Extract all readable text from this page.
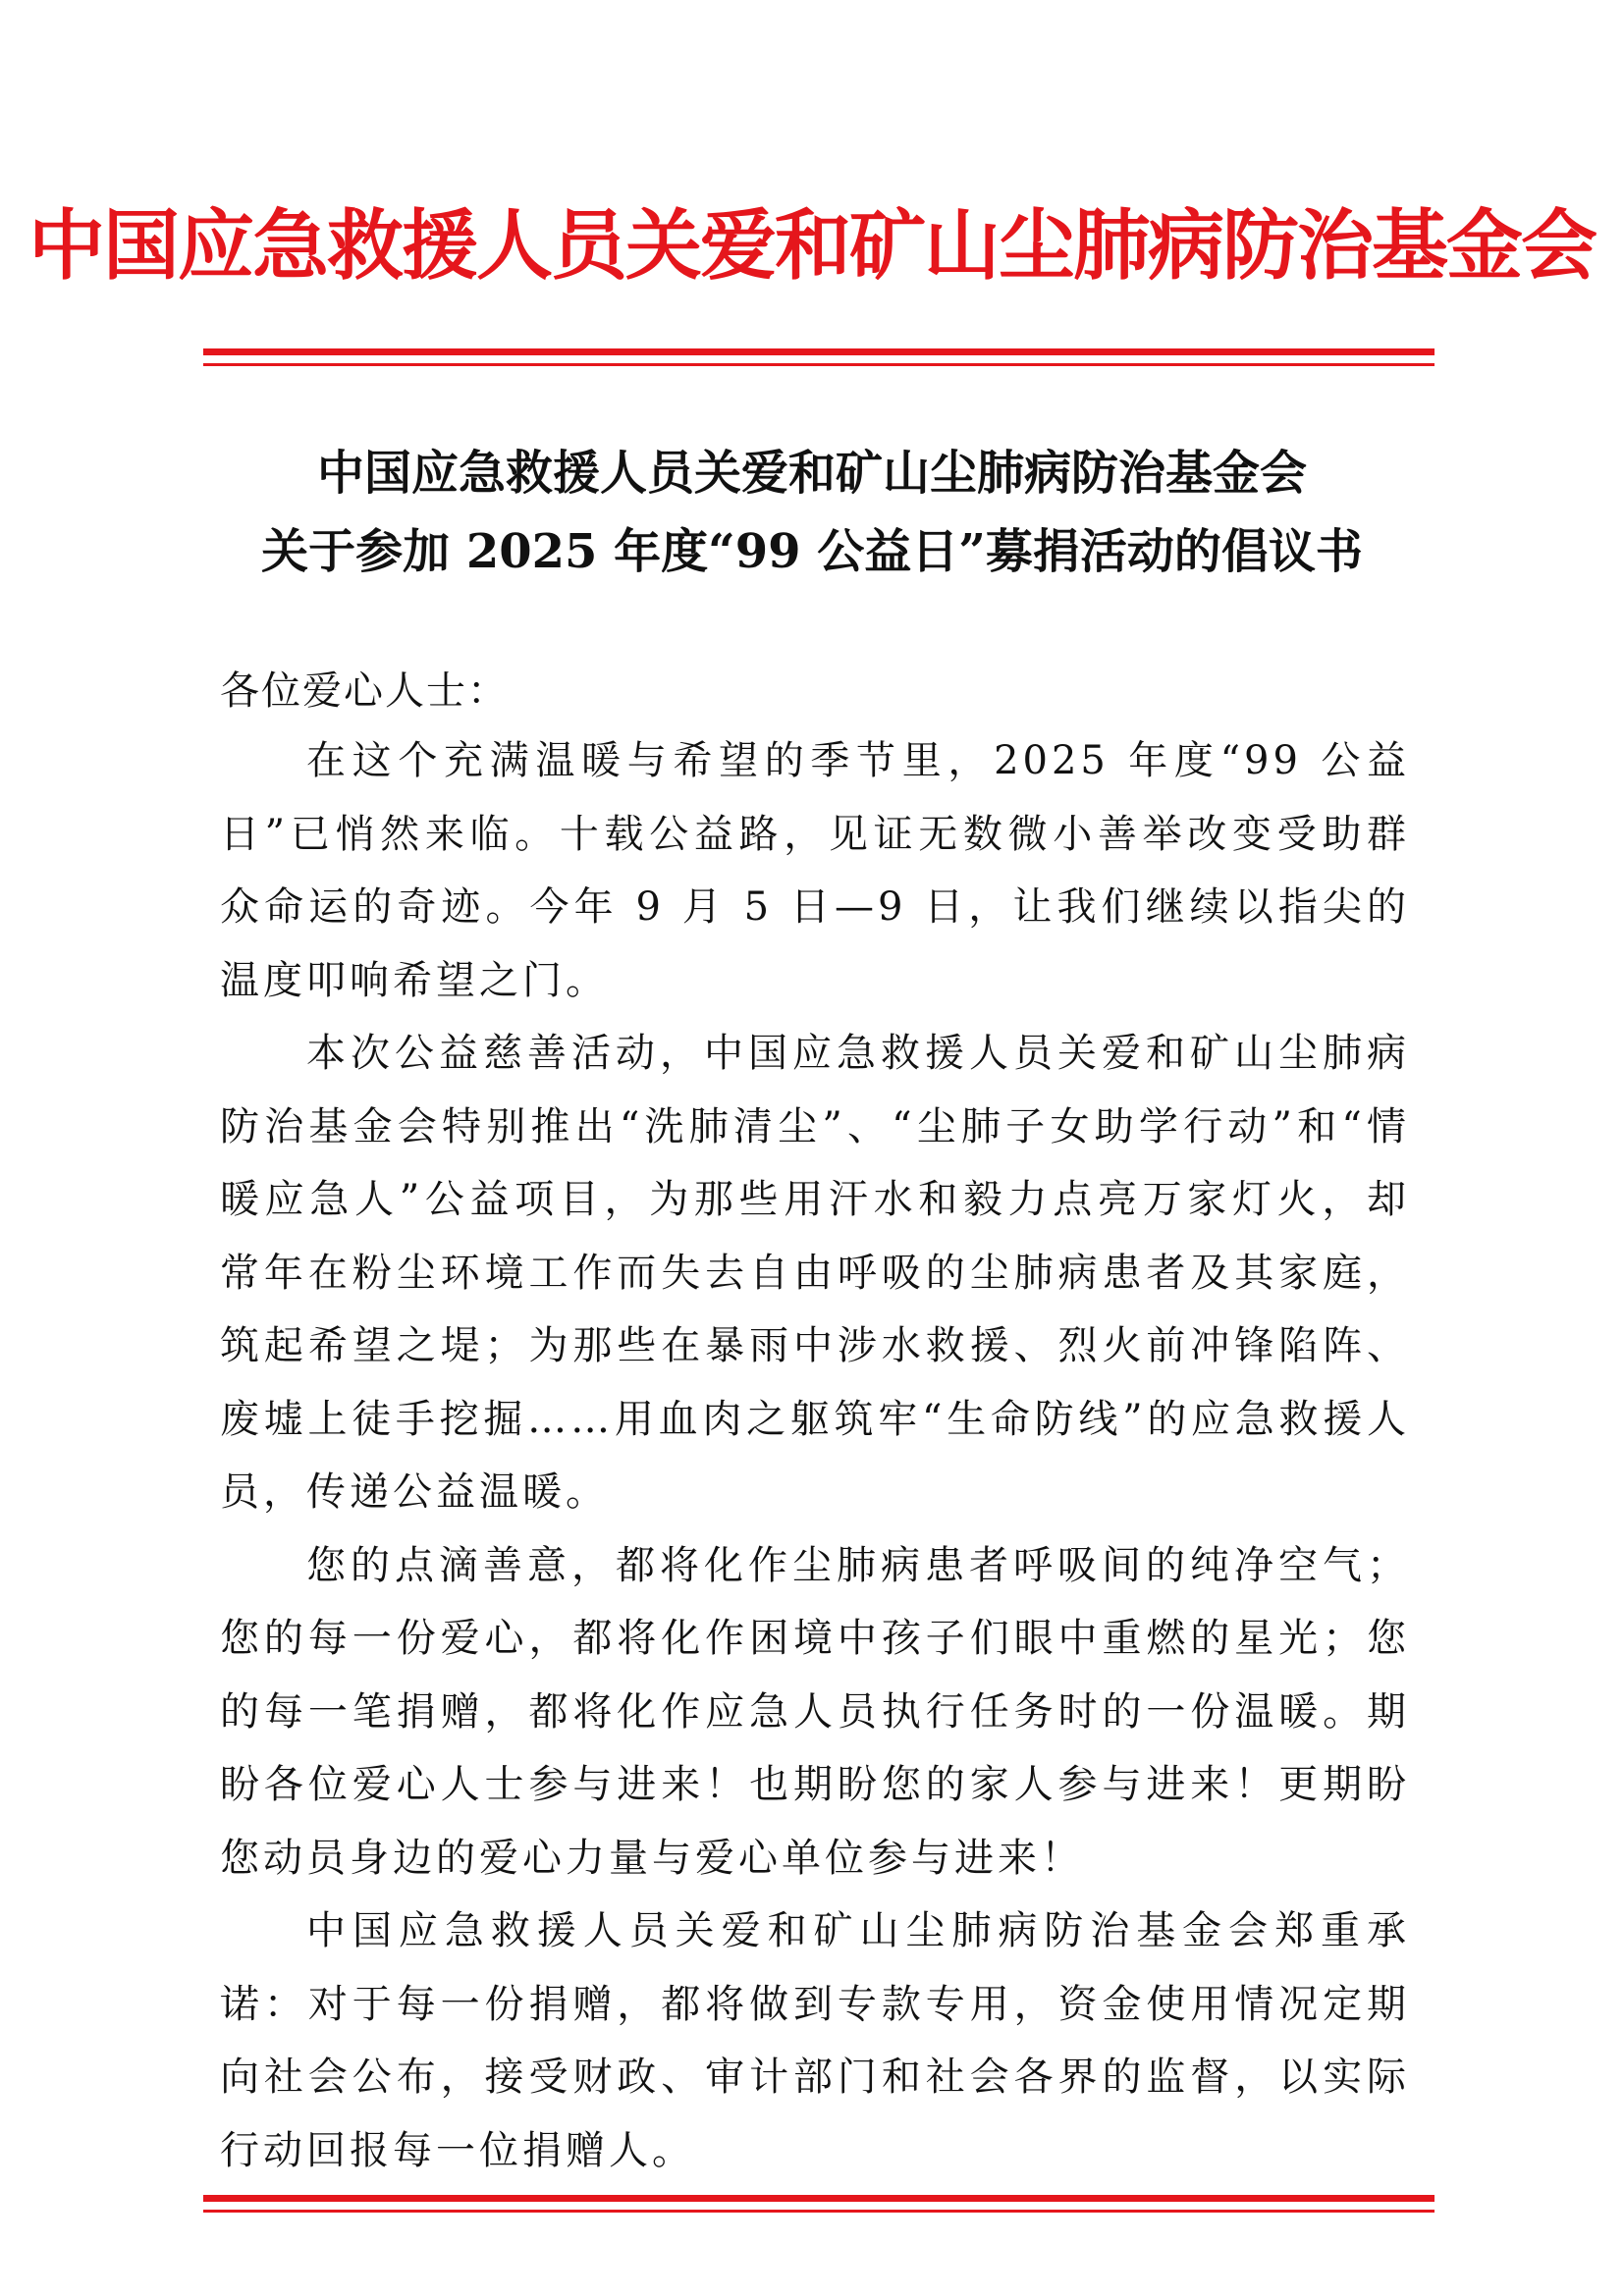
中国应急救援人员关爱和矿山尘肺病防治基金会
中国应急救援人员关爱和矿山尘肺病防治基金会
关于参加 2025 年度“99 公益日”募捐活动的倡议书
各位爱心人士：

在这个充满温暖与希望的季节里，2025 年度“99 公益日”已悄然来临。十载公益路，见证无数微小善举改变受助群众命运的奇迹。今年 9 月 5 日—9 日，让我们继续以指尖的温度叩响希望之门。

本次公益慈善活动，中国应急救援人员关爱和矿山尘肺病防治基金会特别推出“洗肺清尘”、“尘肺子女助学行动”和“情暖应急人”公益项目，为那些用汗水和毅力点亮万家灯火，却常年在粉尘环境工作而失去自由呼吸的尘肺病患者及其家庭，筑起希望之堤；为那些在暴雨中涉水救援、烈火前冲锋陷阵、废墟上徒手挖掘……用血肉之躯筑牢“生命防线”的应急救援人员，传递公益温暖。

您的点滴善意，都将化作尘肺病患者呼吸间的纯净空气；您的每一份爱心，都将化作困境中孩子们眼中重燃的星光；您的每一笔捐赠，都将化作应急人员执行任务时的一份温暖。期盼各位爱心人士参与进来！也期盼您的家人参与进来！更期盼您动员身边的爱心力量与爱心单位参与进来！

中国应急救援人员关爱和矿山尘肺病防治基金会郑重承诺：对于每一份捐赠，都将做到专款专用，资金使用情况定期向社会公布，接受财政、审计部门和社会各界的监督，以实际行动回报每一位捐赠人。
